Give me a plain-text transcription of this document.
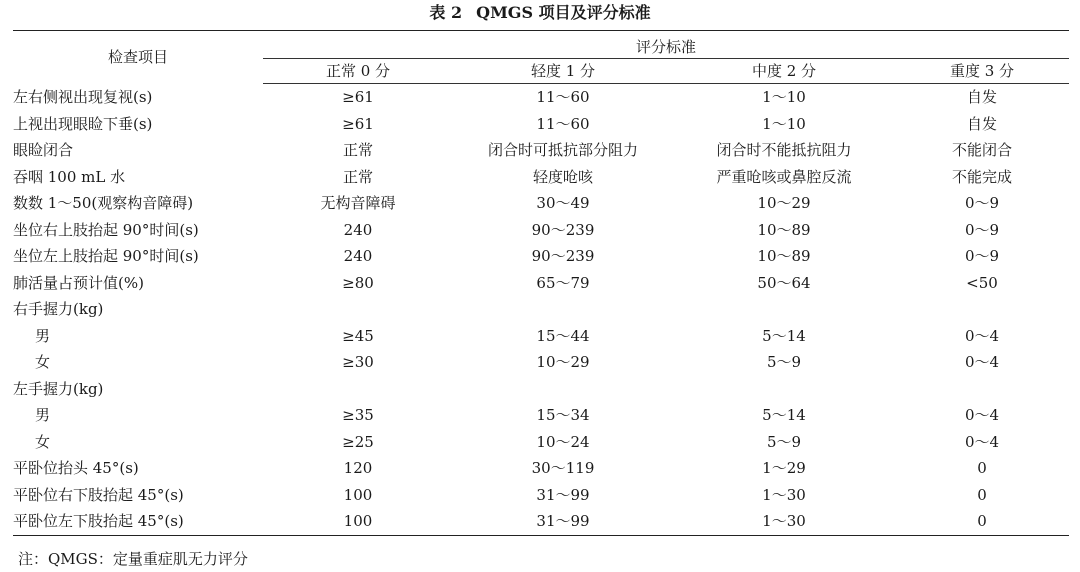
表 2 QMGS 项目及评分标准
检查项目	评分标准			
	正常 0 分	轻度 1 分	中度 2 分	重度 3 分
左右侧视出现复视(s)	≥61	11～60	1～10	自发
上视出现眼睑下垂(s)	≥61	11～60	1～10	自发
眼睑闭合	正常	闭合时可抵抗部分阻力	闭合时不能抵抗阻力	不能闭合
吞咽 100 mL 水	正常	轻度呛咳	严重呛咳或鼻腔反流	不能完成
数数 1～50(观察构音障碍)	无构音障碍	30～49	10～29	0～9
坐位右上肢抬起 90°时间(s)	240	90～239	10～89	0～9
坐位左上肢抬起 90°时间(s)	240	90～239	10～89	0～9
肺活量占预计值(%)	≥80	65～79	50～64	<50
右手握力(kg)				
男	≥45	15～44	5～14	0～4
女	≥30	10～29	5～9	0～4
左手握力(kg)				
男	≥35	15～34	5～14	0～4
女	≥25	10～24	5～9	0～4
平卧位抬头 45°(s)	120	30～119	1～29	0
平卧位右下肢抬起 45°(s)	100	31～99	1～30	0
平卧位左下肢抬起 45°(s)	100	31～99	1～30	0
注：QMGS：定量重症肌无力评分
